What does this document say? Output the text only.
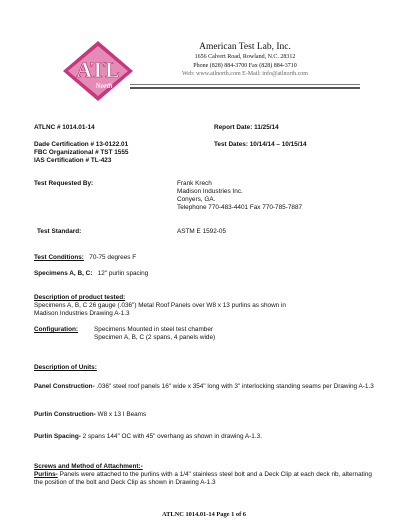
ATL
North
American Test Lab, Inc.
1656 Calvert Road, Rowland, N.C. 28312
Phone (828) 884-3700 Fax (828) 884-3710
Web: www.atlnorth.com E-Mail: info@atlnorth.com
ATLNC # 1014.01-14	Report Date: 11/25/14
Dade Certification # 13-0122.01	Test Dates: 10/14/14 – 10/15/14
FBC Organizational # TST 1555
IAS Certification # TL-423
Test Requested By:	Frank Krech
Madison Industries Inc.
Conyers, GA.
Telephone 770-483-4401 Fax 770-785-7887
Test Standard:	ASTM E 1592-05
Test Conditions: 70-75 degrees F
Specimens A, B, C: 12" purlin spacing
Description of product tested:
Specimens A, B, C 26 gauge (.036") Metal Roof Panels over W8 x 13 purlins as shown in
Madison Industries Drawing A-1.3
Configuration: Specimens Mounted in steel test chamber
Specimen A, B, C (2 spans, 4 panels wide)
Description of Units:
Panel Construction- .036" steel roof panels 16" wide x 354" long with 3" interlocking standing seams per Drawing A-1.3
Purlin Construction- W8 x 13 I Beams
Purlin Spacing- 2 spans 144" OC with 45" overhang as shown in drawing A-1.3.
Screws and Method of Attachment:-
Purlins- Panels were attached to the purlins with a 1/4" stainless steel bolt and a Deck Clip at each deck rib, alternating the position of the bolt and Deck Clip as shown in Drawing A-1.3
ATLNC 1014.01-14 Page 1 of 6
